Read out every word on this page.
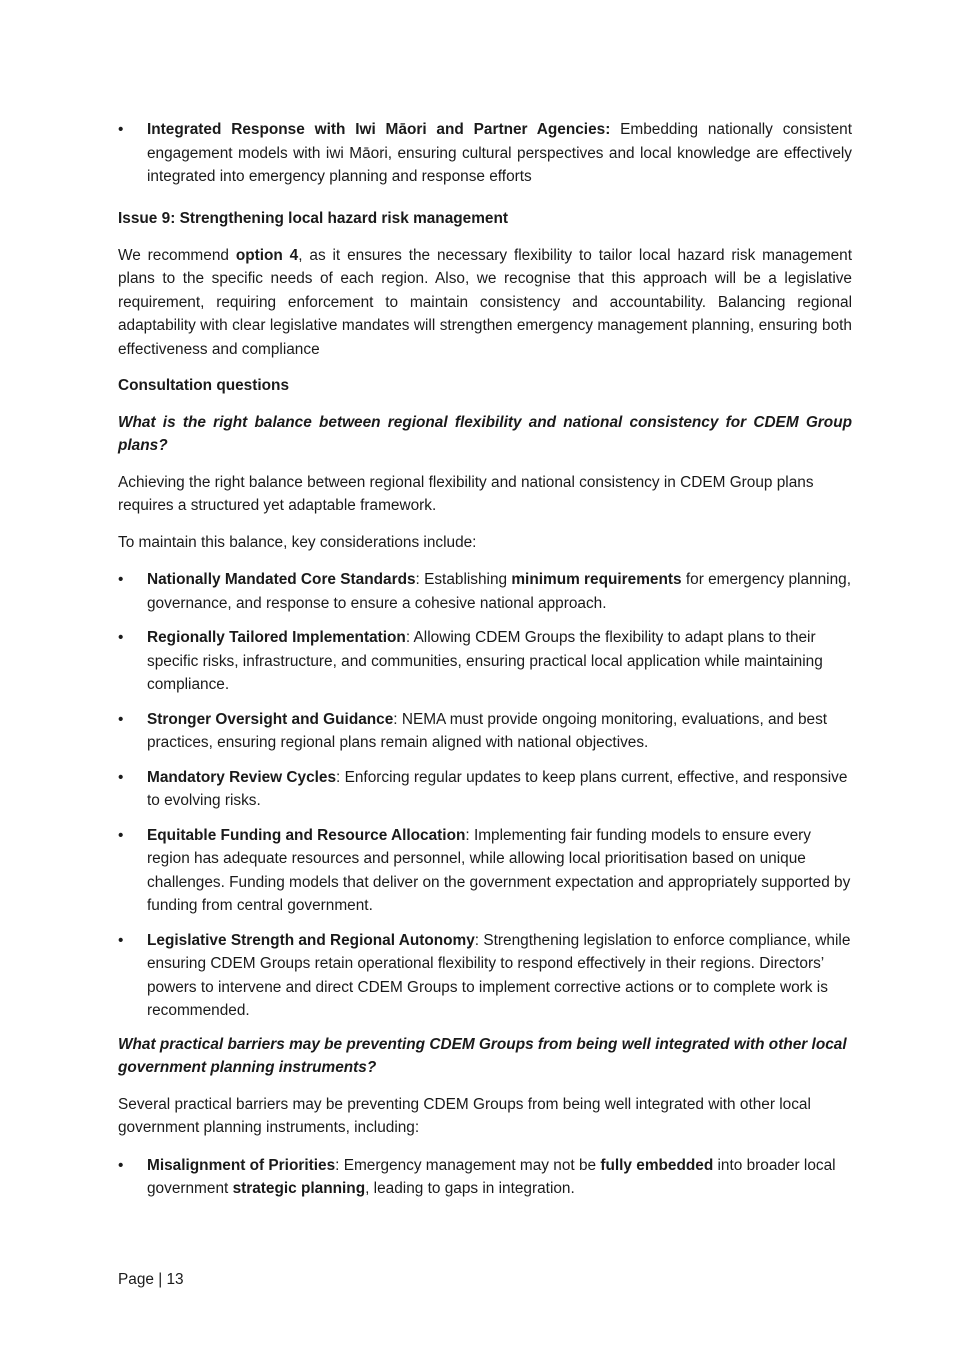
• Integrated Response with Iwi Māori and Partner Agencies: Embedding nationally consistent engagement models with iwi Māori, ensuring cultural perspectives and local knowledge are effectively integrated into emergency planning and response efforts

Issue 9: Strengthening local hazard risk management

We recommend option 4, as it ensures the necessary flexibility to tailor local hazard risk management plans to the specific needs of each region. Also, we recognise that this approach will be a legislative requirement, requiring enforcement to maintain consistency and accountability. Balancing regional adaptability with clear legislative mandates will strengthen emergency management planning, ensuring both effectiveness and compliance

Consultation questions

What is the right balance between regional flexibility and national consistency for CDEM Group plans?

Achieving the right balance between regional flexibility and national consistency in CDEM Group plans requires a structured yet adaptable framework.

To maintain this balance, key considerations include:

• Nationally Mandated Core Standards: Establishing minimum requirements for emergency planning, governance, and response to ensure a cohesive national approach.
• Regionally Tailored Implementation: Allowing CDEM Groups the flexibility to adapt plans to their specific risks, infrastructure, and communities, ensuring practical local application while maintaining compliance.
• Stronger Oversight and Guidance: NEMA must provide ongoing monitoring, evaluations, and best practices, ensuring regional plans remain aligned with national objectives.
• Mandatory Review Cycles: Enforcing regular updates to keep plans current, effective, and responsive to evolving risks.
• Equitable Funding and Resource Allocation: Implementing fair funding models to ensure every region has adequate resources and personnel, while allowing local prioritisation based on unique challenges. Funding models that deliver on the government expectation and appropriately supported by funding from central government.
• Legislative Strength and Regional Autonomy: Strengthening legislation to enforce compliance, while ensuring CDEM Groups retain operational flexibility to respond effectively in their regions. Directors’ powers to intervene and direct CDEM Groups to implement corrective actions or to complete work is recommended.

What practical barriers may be preventing CDEM Groups from being well integrated with other local government planning instruments?

Several practical barriers may be preventing CDEM Groups from being well integrated with other local government planning instruments, including:

• Misalignment of Priorities: Emergency management may not be fully embedded into broader local government strategic planning, leading to gaps in integration.
Page | 13
